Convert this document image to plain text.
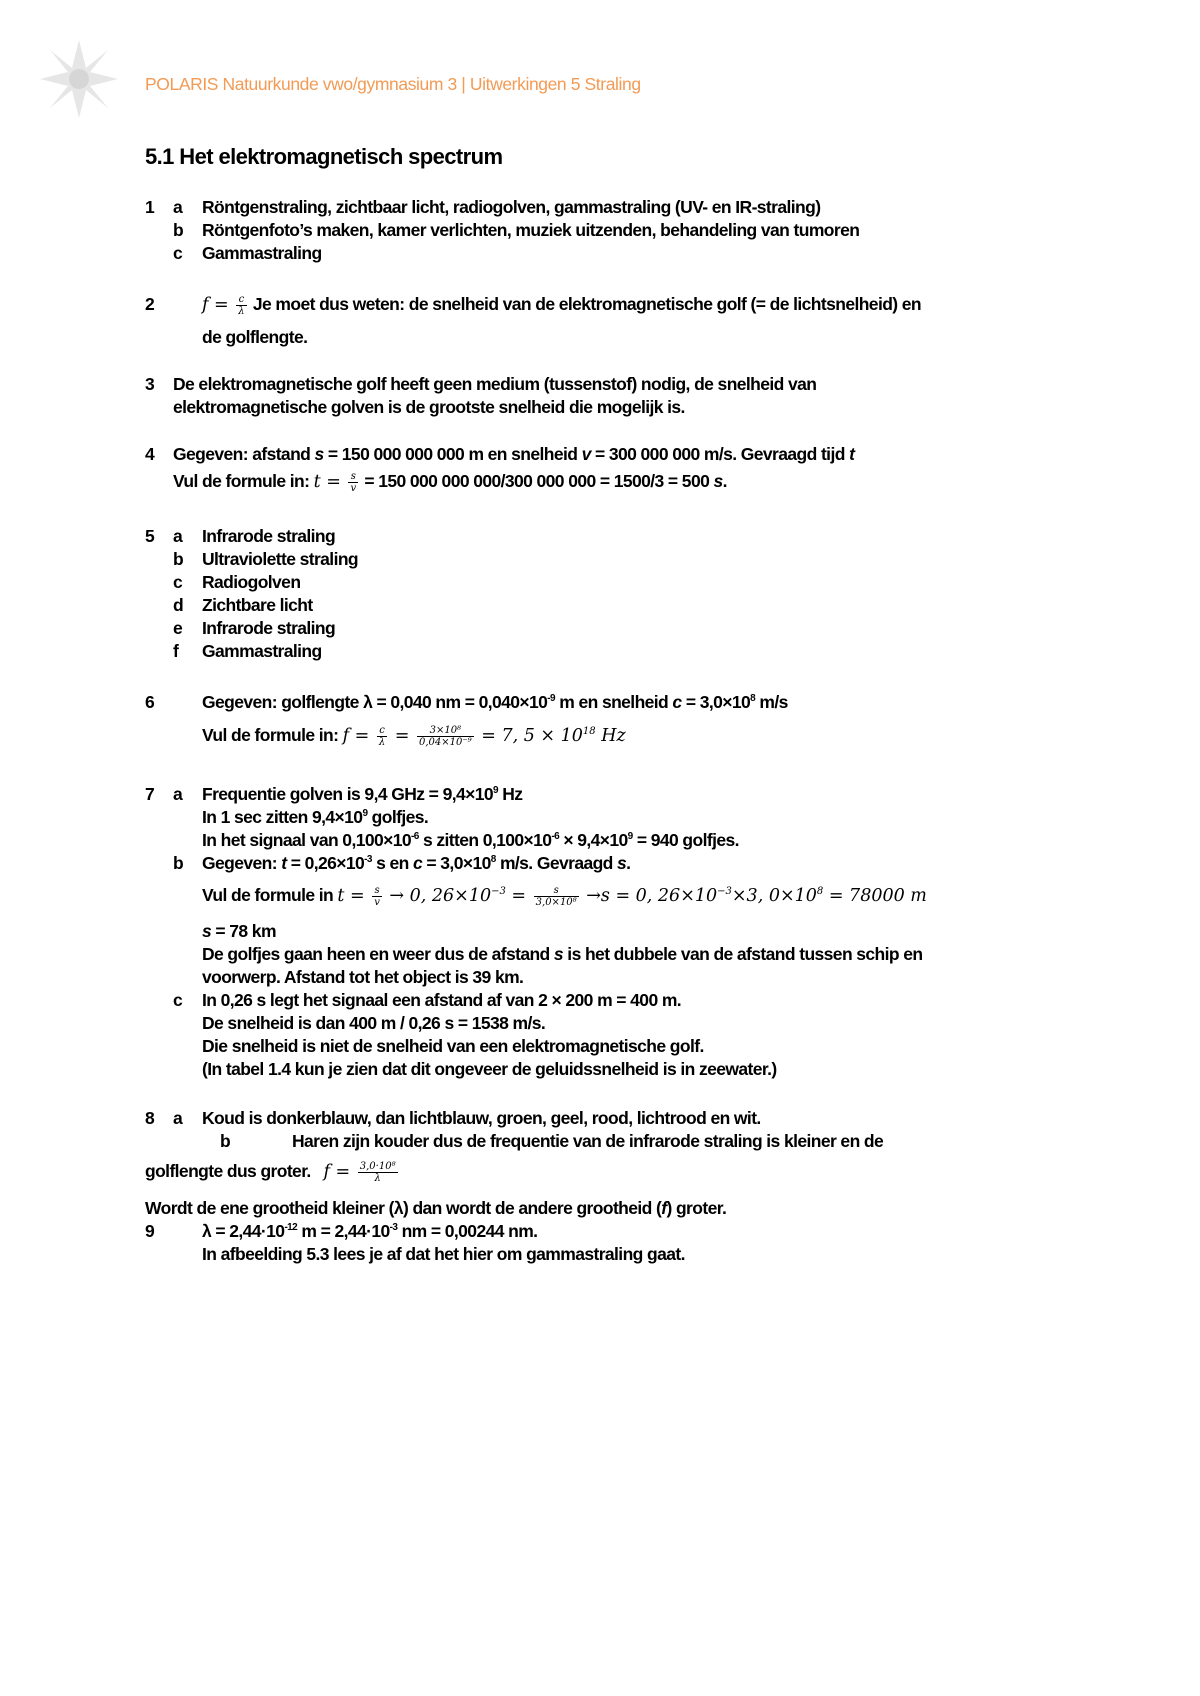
POLARIS Natuurkunde vwo/gymnasium 3 | Uitwerkingen 5 Straling
5.1 Het elektromagnetisch spectrum
1 a Röntgenstraling, zichtbaar licht, radiogolven, gammastraling (UV- en IR-straling)
b Röntgenfoto’s maken, kamer verlichten, muziek uitzenden, behandeling van tumoren
c Gammastraling
2	$f = \frac{c}{\lambda}$ Je moet dus weten: de snelheid van de elektromagnetische golf (= de lichtsnelheid) en
de golflengte.
3 De elektromagnetische golf heeft geen medium (tussenstof) nodig, de snelheid van
elektromagnetische golven is de grootste snelheid die mogelijk is.
4 Gegeven: afstand s = 150 000 000 000 m en snelheid v = 300 000 000 m/s. Gevraagd tijd t
Vul de formule in: $t = \frac{s}{v} = 150$ 000 000 000/300 000 000 = 1500/3 = 500 s.
5 a Infrarode straling
b Ultraviolette straling
c Radiogolven
d Zichtbare licht
e Infrarode straling
f Gammastraling
6	Gegeven: golflengte λ = 0,040 nm = $0,040\times 10^{-9}$ m en snelheid $c = 3,0\times 10^8$ m/s
Vul de formule in: $f = \frac{c}{\lambda} = \frac{\text{3×10⁸}}{\text{0,04×10⁻⁹}} = 7$, $5 \times 10^{18}$ Hz
7 a Frequentie golven is 9,4 GHz = $9,4\times 10^9$ Hz
In 1 sec zitten $9,4\times 10^9$ golfjes.
In het signaal van $0,100\times 10^{-6}$ s zitten $0,100\times 10^{-6} \times 9,4\times 10^9 = 940$ golfjes.
b Gegeven: $t = 0,26\times 10^{-3}$ s en $c = 3,0\times 10^8$ m/s. Gevraagd s.
Vul de formule in $t = \frac{s}{v} \to 0$, $26\times 10^{-3} = \frac{s}{\text{3,0×10⁸}} \to s = 0$, $26\times 10^{-3}\times 3$, $0\times 10^8 = 78000$ m
s = 78 km
De golfjes gaan heen en weer dus de afstand s is het dubbele van de afstand tussen schip en
voorwerp. Afstand tot het object is 39 km.
c In 0,26 s legt het signaal een afstand af van 2 × 200 m = 400 m.
De snelheid is dan 400 m / 0,26 s = 1538 m/s.
Die snelheid is niet de snelheid van een elektromagnetische golf.
(In tabel 1.4 kun je zien dat dit ongeveer de geluidssnelheid is in zeewater.)
8 a Koud is donkerblauw, dan lichtblauw, groen, geel, rood, lichtrood en wit.
b	Haren zijn kouder dus de frequentie van de infrarode straling is kleiner en de
golflengte dus groter. $f = \frac{\text{3,0·10⁸}}{\lambda}$
Wordt de ene grootheid kleiner (λ) dan wordt de andere grootheid (f) groter.
9	$\lambda = 2,44\cdot 10^{-12}$ $m = 2,44\cdot 10^{-3}$ nm = 0,00244 nm.
In afbeelding 5.3 lees je af dat het hier om gammastraling gaat.
